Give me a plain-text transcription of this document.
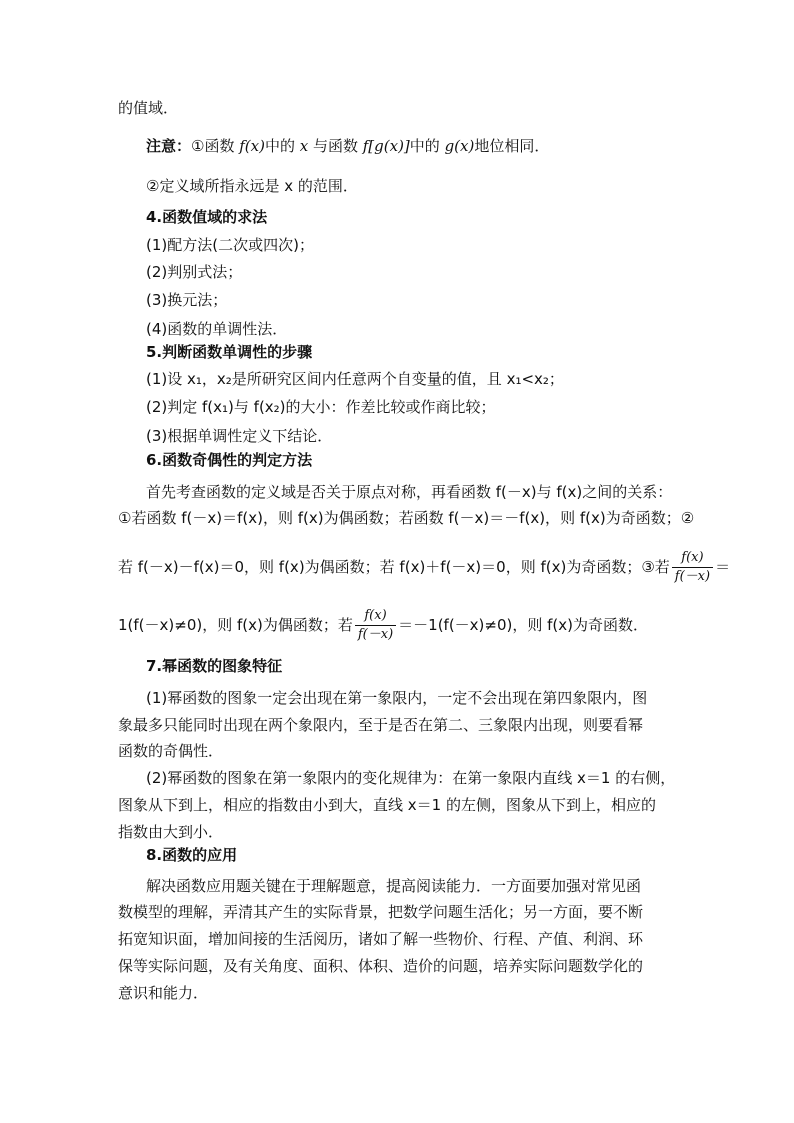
的值域．
注意：①函数 f(x)中的 x 与函数 f[g(x)]中的 g(x)地位相同．
②定义域所指永远是 x 的范围．
4.函数值域的求法
(1)配方法(二次或四次)；
(2)判别式法；
(3)换元法；
(4)函数的单调性法．
5.判断函数单调性的步骤
(1)设 x₁，x₂是所研究区间内任意两个自变量的值，且 x₁<x₂；
(2)判定 f(x₁)与 f(x₂)的大小：作差比较或作商比较；
(3)根据单调性定义下结论．
6.函数奇偶性的判定方法
首先考查函数的定义域是否关于原点对称，再看函数 f(－x)与 f(x)之间的关系：
①若函数 f(－x)＝f(x)，则 f(x)为偶函数；若函数 f(－x)＝－f(x)，则 f(x)为奇函数；②
若 f(－x)－f(x)＝0，则 f(x)为偶函数；若 f(x)＋f(－x)＝0，则 f(x)为奇函数；③若 $\frac{f(x)}{f(-x)}$ ＝
1(f(－x)≠0)，则 f(x)为偶函数；若 $\frac{f(x)}{f(-x)} =-1(f(-x)\ne 0)$，则 f(x)为奇函数．
7.幂函数的图象特征
(1)幂函数的图象一定会出现在第一象限内，一定不会出现在第四象限内，图
象最多只能同时出现在两个象限内，至于是否在第二、三象限内出现，则要看幂
函数的奇偶性．
(2)幂函数的图象在第一象限内的变化规律为：在第一象限内直线 x＝1 的右侧，
图象从下到上，相应的指数由小到大，直线 x＝1 的左侧，图象从下到上，相应的
指数由大到小．
8.函数的应用
解决函数应用题关键在于理解题意，提高阅读能力．一方面要加强对常见函
数模型的理解，弄清其产生的实际背景，把数学问题生活化；另一方面，要不断
拓宽知识面，增加间接的生活阅历，诸如了解一些物价、行程、产值、利润、环
保等实际问题，及有关角度、面积、体积、造价的问题，培养实际问题数学化的
意识和能力．
